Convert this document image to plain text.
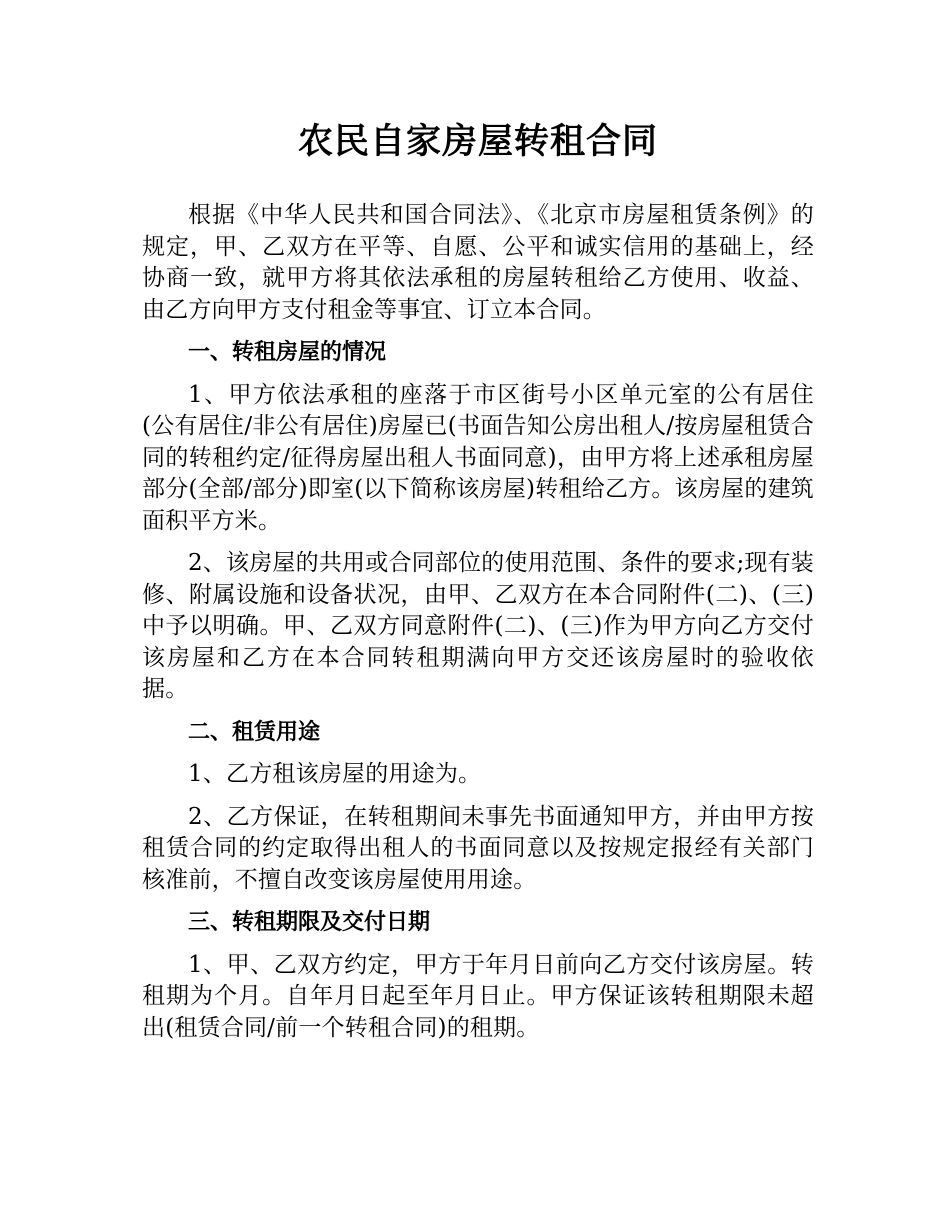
农民自家房屋转租合同

根据《中华人民共和国合同法》、《北京市房屋租赁条例》的规定，甲、乙双方在平等、自愿、公平和诚实信用的基础上，经协商一致，就甲方将其依法承租的房屋转租给乙方使用、收益、由乙方向甲方支付租金等事宜、订立本合同。

一、转租房屋的情况

1、甲方依法承租的座落于市区街号小区单元室的公有居住(公有居住/非公有居住)房屋已(书面告知公房出租人/按房屋租赁合同的转租约定/征得房屋出租人书面同意)，由甲方将上述承租房屋部分(全部/部分)即室(以下简称该房屋)转租给乙方。该房屋的建筑面积平方米。

2、该房屋的共用或合同部位的使用范围、条件的要求;现有装修、附属设施和设备状况，由甲、乙双方在本合同附件(二)、(三)中予以明确。甲、乙双方同意附件(二)、(三)作为甲方向乙方交付该房屋和乙方在本合同转租期满向甲方交还该房屋时的验收依据。

二、租赁用途

1、乙方租该房屋的用途为。

2、乙方保证，在转租期间未事先书面通知甲方，并由甲方按租赁合同的约定取得出租人的书面同意以及按规定报经有关部门核准前，不擅自改变该房屋使用用途。

三、转租期限及交付日期

1、甲、乙双方约定，甲方于年月日前向乙方交付该房屋。转租期为个月。自年月日起至年月日止。甲方保证该转租期限未超出(租赁合同/前一个转租合同)的租期。
